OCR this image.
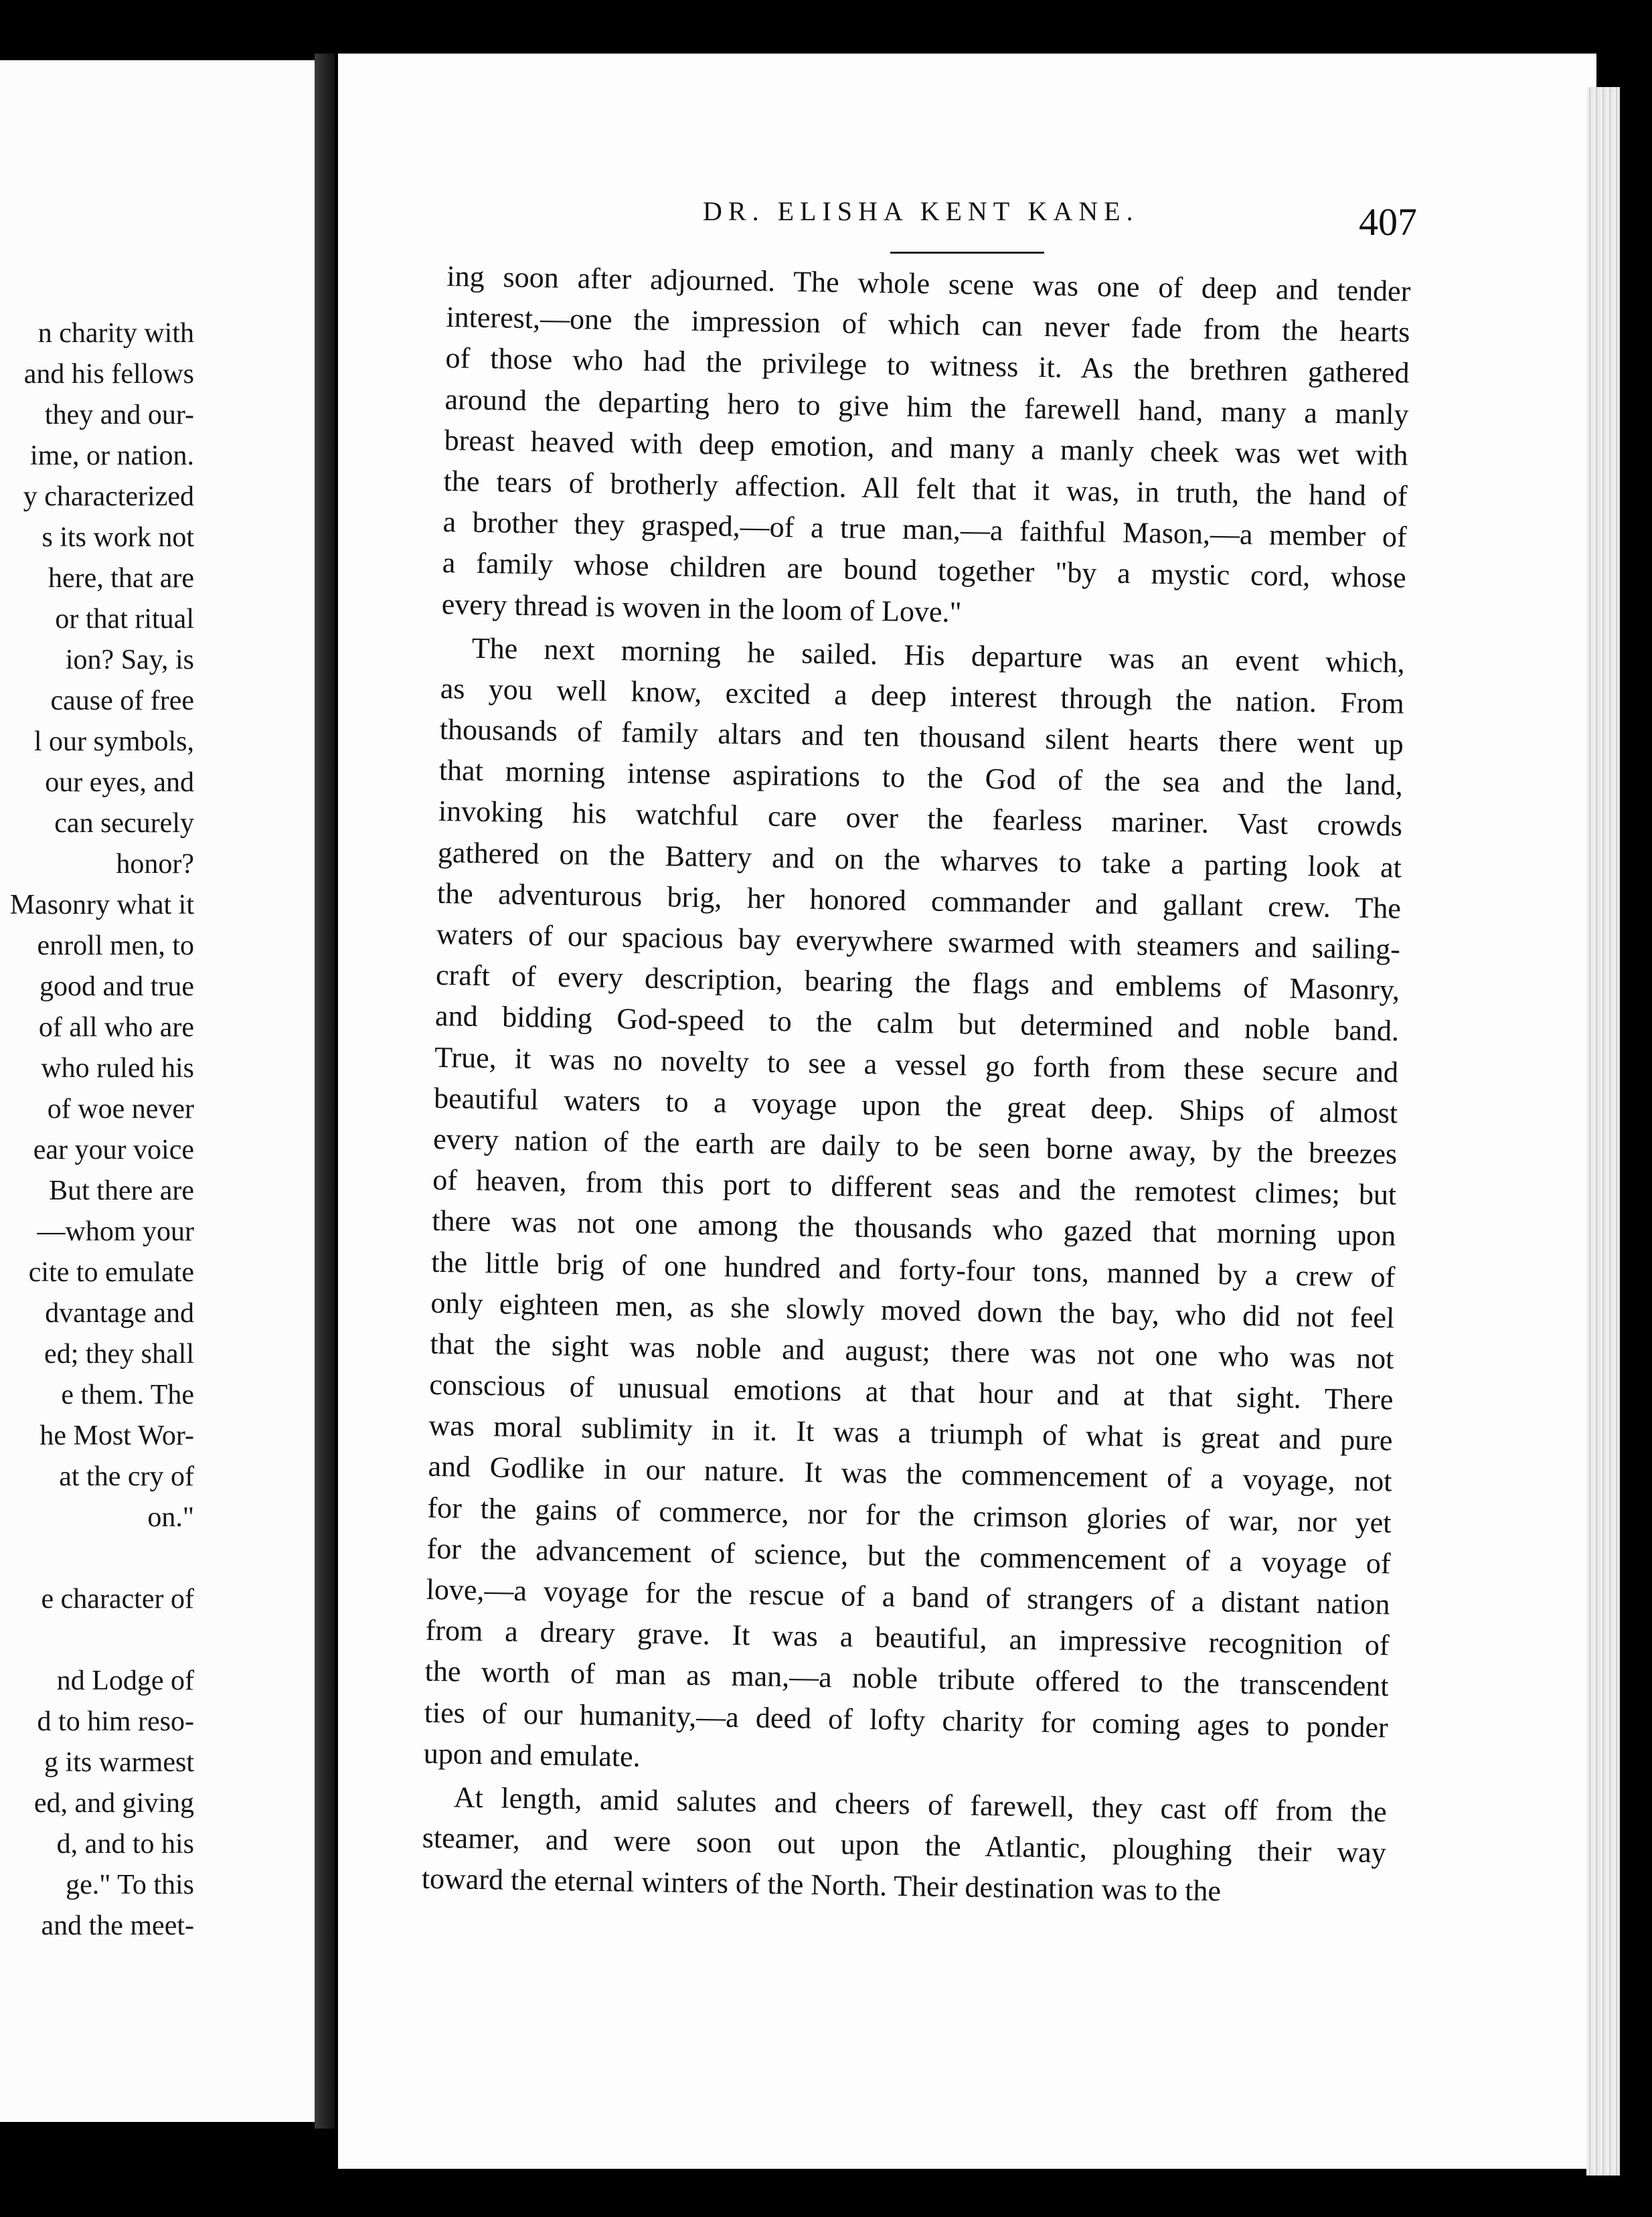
n charity with
and his fellows
they and our-
ime, or nation.
y characterized
s its work not
here, that are
or that ritual
ion? Say, is
cause of free
l our symbols,
our eyes, and
can securely
honor?
Masonry what it
enroll men, to
good and true
of all who are
who ruled his
of woe never
ear your voice
But there are
—whom your
cite to emulate
dvantage and
ed; they shall
e them. The
he Most Wor-
at the cry of
on."
e character of
nd Lodge of
d to him reso-
g its warmest
ed, and giving
d, and to his
ge." To this
and the meet-
DR. ELISHA KENT KANE.	407
ing soon after adjourned. The whole scene was one of deep and tender
interest,—one the impression of which can never fade from the hearts
of those who had the privilege to witness it. As the brethren gathered
around the departing hero to give him the farewell hand, many a manly
breast heaved with deep emotion, and many a manly cheek was wet with
the tears of brotherly affection. All felt that it was, in truth, the hand of
a brother they grasped,—of a true man,—a faithful Mason,—a member of
a family whose children are bound together "by a mystic cord, whose
every thread is woven in the loom of Love."
The next morning he sailed. His departure was an event which,
as you well know, excited a deep interest through the nation. From
thousands of family altars and ten thousand silent hearts there went up
that morning intense aspirations to the God of the sea and the land,
invoking his watchful care over the fearless mariner. Vast crowds
gathered on the Battery and on the wharves to take a parting look at
the adventurous brig, her honored commander and gallant crew. The
waters of our spacious bay everywhere swarmed with steamers and sailing-
craft of every description, bearing the flags and emblems of Masonry,
and bidding God-speed to the calm but determined and noble band.
True, it was no novelty to see a vessel go forth from these secure and
beautiful waters to a voyage upon the great deep. Ships of almost
every nation of the earth are daily to be seen borne away, by the breezes
of heaven, from this port to different seas and the remotest climes; but
there was not one among the thousands who gazed that morning upon
the little brig of one hundred and forty-four tons, manned by a crew of
only eighteen men, as she slowly moved down the bay, who did not feel
that the sight was noble and august; there was not one who was not
conscious of unusual emotions at that hour and at that sight. There
was moral sublimity in it. It was a triumph of what is great and pure
and Godlike in our nature. It was the commencement of a voyage, not
for the gains of commerce, nor for the crimson glories of war, nor yet
for the advancement of science, but the commencement of a voyage of
love,—a voyage for the rescue of a band of strangers of a distant nation
from a dreary grave. It was a beautiful, an impressive recognition of
the worth of man as man,—a noble tribute offered to the transcendent
ties of our humanity,—a deed of lofty charity for coming ages to ponder
upon and emulate.
At length, amid salutes and cheers of farewell, they cast off from the
steamer, and were soon out upon the Atlantic, ploughing their way
toward the eternal winters of the North. Their destination was to the
